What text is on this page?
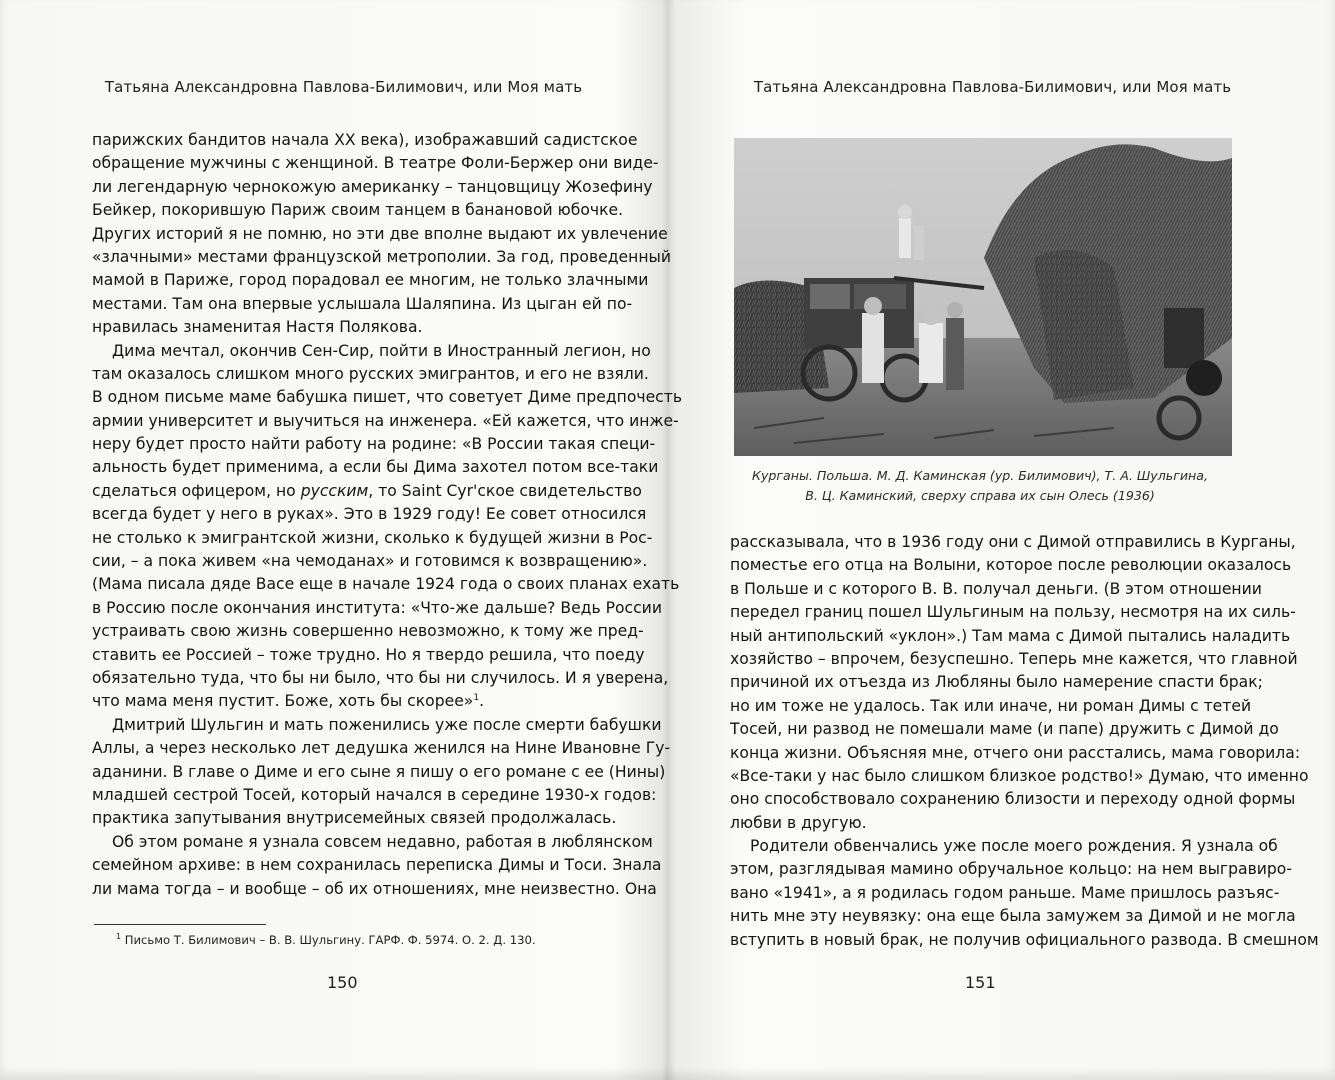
Татьяна Александровна Павлова-Билимович, или Моя мать
парижских бандитов начала XX века), изображавший садистское
обращение мужчины с женщиной. В театре Фоли-Бержер они виде-
ли легендарную чернокожую американку – танцовщицу Жозефину
Бейкер, покорившую Париж своим танцем в банановой юбочке.
Других историй я не помню, но эти две вполне выдают их увлечение
«злачными» местами французской метрополии. За год, проведенный
мамой в Париже, город порадовал ее многим, не только злачными
местами. Там она впервые услышала Шаляпина. Из цыган ей по-
нравилась знаменитая Настя Полякова.
Дима мечтал, окончив Сен-Сир, пойти в Иностранный легион, но
там оказалось слишком много русских эмигрантов, и его не взяли.
В одном письме маме бабушка пишет, что советует Диме предпочесть
армии университет и выучиться на инженера. «Ей кажется, что инже-
неру будет просто найти работу на родине: «В России такая специ-
альность будет применима, а если бы Дима захотел потом все-таки
сделаться офицером, но русским, то Saint Cyr'ское свидетельство
всегда будет у него в руках». Это в 1929 году! Ее совет относился
не столько к эмигрантской жизни, сколько к будущей жизни в Рос-
сии, – а пока живем «на чемоданах» и готовимся к возвращению».
(Мама писала дяде Васе еще в начале 1924 года о своих планах ехать
в Россию после окончания института: «Что-же дальше? Ведь России
устраивать свою жизнь совершенно невозможно, к тому же пред-
ставить ее Россией – тоже трудно. Но я твердо решила, что поеду
обязательно туда, что бы ни было, что бы ни случилось. И я уверена,
что мама меня пустит. Боже, хоть бы скорее»$^1$.
Дмитрий Шульгин и мать поженились уже после смерти бабушки
Аллы, а через несколько лет дедушка женился на Нине Ивановне Гу-
аданини. В главе о Диме и его сыне я пишу о его романе с ее (Нины)
младшей сестрой Тосей, который начался в середине 1930-х годов:
практика запутывания внутрисемейных связей продолжалась.
Об этом романе я узнала совсем недавно, работая в люблянском
семейном архиве: в нем сохранилась переписка Димы и Тоси. Знала
ли мама тогда – и вообще – об их отношениях, мне неизвестно. Она
$^1$ Письмо Т. Билимович – В. В. Шульгину. ГАРФ. Ф. 5974. О. 2. Д. 130.
150
Татьяна Александровна Павлова-Билимович, или Моя мать
Курганы. Польша. М. Д. Каминская (ур. Билимович), Т. А. Шульгина,
В. Ц. Каминский, сверху справа их сын Олесь (1936)
рассказывала, что в 1936 году они с Димой отправились в Курганы,
поместье его отца на Волыни, которое после революции оказалось
в Польше и с которого В. В. получал деньги. (В этом отношении
передел границ пошел Шульгиным на пользу, несмотря на их силь-
ный антипольский «уклон».) Там мама с Димой пытались наладить
хозяйство – впрочем, безуспешно. Теперь мне кажется, что главной
причиной их отъезда из Любляны было намерение спасти брак;
но им тоже не удалось. Так или иначе, ни роман Димы с тетей
Тосей, ни развод не помешали маме (и папе) дружить с Димой до
конца жизни. Объясняя мне, отчего они расстались, мама говорила:
«Все-таки у нас было слишком близкое родство!» Думаю, что именно
оно способствовало сохранению близости и переходу одной формы
любви в другую.
Родители обвенчались уже после моего рождения. Я узнала об
этом, разглядывая мамино обручальное кольцо: на нем выгравиро-
вано «1941», а я родилась годом раньше. Маме пришлось разъяс-
нить мне эту неувязку: она еще была замужем за Димой и не могла
вступить в новый брак, не получив официального развода. В смешном
151
